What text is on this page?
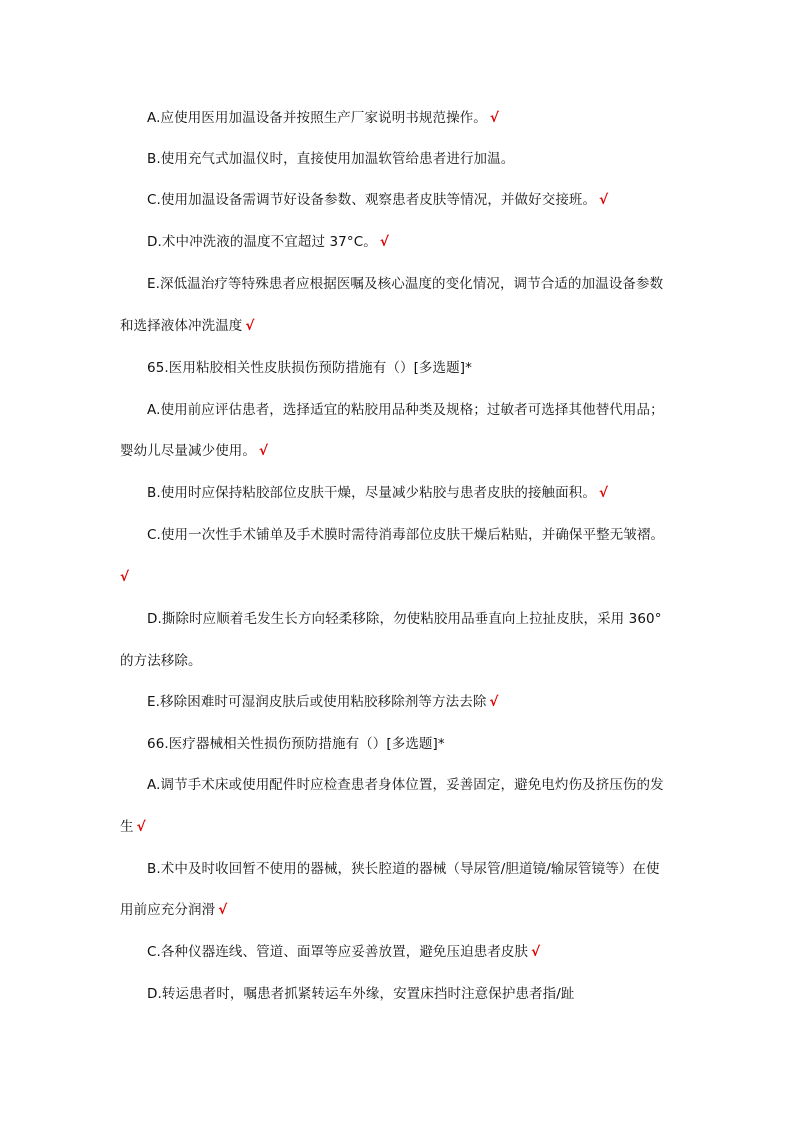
A.应使用医用加温设备并按照生产厂家说明书规范操作。 √
B.使用充气式加温仪时，直接使用加温软管给患者进行加温。
C.使用加温设备需调节好设备参数、观察患者皮肤等情况，并做好交接班。 √
D.术中冲洗液的温度不宜超过 37°C。 √
E.深低温治疗等特殊患者应根据医嘱及核心温度的变化情况，调节合适的加温设备参数
和选择液体冲洗温度 √
65.医用粘胶相关性皮肤损伤预防措施有（）[多选题]*
A.使用前应评估患者，选择适宜的粘胶用品种类及规格；过敏者可选择其他替代用品；
婴幼儿尽量减少使用。 √
B.使用时应保持粘胶部位皮肤干燥，尽量减少粘胶与患者皮肤的接触面积。 √
C.使用一次性手术铺单及手术膜时需待消毒部位皮肤干燥后粘贴，并确保平整无皱褶。
√
D.撕除时应顺着毛发生长方向轻柔移除，勿使粘胶用品垂直向上拉扯皮肤，采用 360°
的方法移除。
E.移除困难时可湿润皮肤后或使用粘胶移除剂等方法去除 √
66.医疗器械相关性损伤预防措施有（）[多选题]*
A.调节手术床或使用配件时应检查患者身体位置，妥善固定，避免电灼伤及挤压伤的发
生 √
B.术中及时收回暂不使用的器械，狭长腔道的器械（导尿管/胆道镜/输尿管镜等）在使
用前应充分润滑 √
C.各种仪器连线、管道、面罩等应妥善放置，避免压迫患者皮肤 √
D.转运患者时，嘱患者抓紧转运车外缘，安置床挡时注意保护患者指/趾
